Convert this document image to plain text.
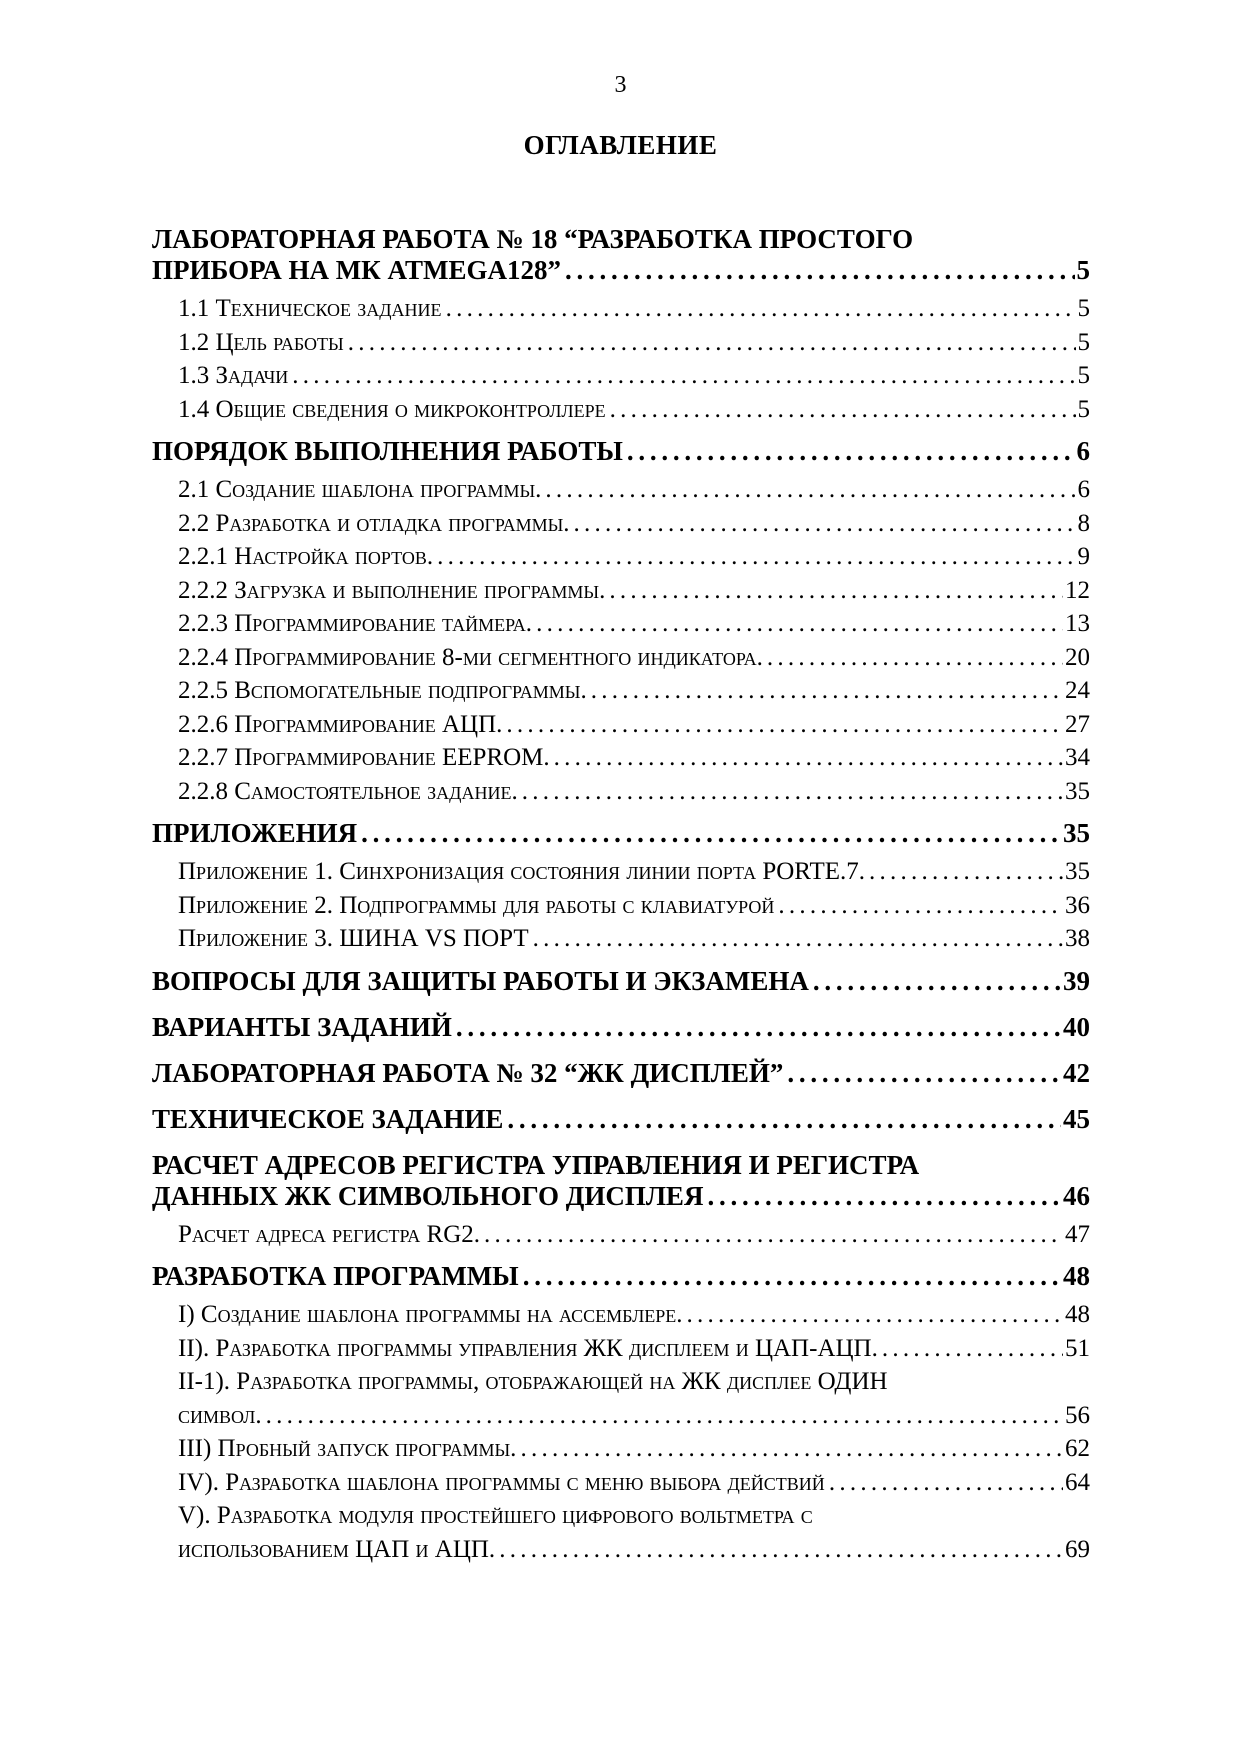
3
ОГЛАВЛЕНИЕ
ЛАБОРАТОРНАЯ РАБОТА № 18 “РАЗРАБОТКА ПРОСТОГО
ПРИБОРА НА МК ATMEGA128” . . .	5
1.1 Техническое задание . . .	5
1.2 Цель работы . . .	5
1.3 Задачи . . .	5
1.4 Общие сведения о микроконтроллере . . .	5
ПОРЯДОК ВЫПОЛНЕНИЯ РАБОТЫ . . .	6
2.1 Создание шаблона программы. . . .	6
2.2 Разработка и отладка программы. . . .	8
2.2.1 Настройка портов. . . .	9
2.2.2 Загрузка и выполнение программы. . . .	12
2.2.3 Программирование таймера. . . .	13
2.2.4 Программирование 8-ми сегментного индикатора. . . .	20
2.2.5 Вспомогательные подпрограммы. . . .	24
2.2.6 Программирование АЦП. . . .	27
2.2.7 Программирование EEPROM. . . .	34
2.2.8 Самостоятельное задание. . . .	35
ПРИЛОЖЕНИЯ . . .	35
Приложение 1. Синхронизация состояния линии порта PORTE.7. . . .	35
Приложение 2. Подпрограммы для работы с клавиатурой . . .	36
Приложение 3. ШИНА VS ПОРТ . . .	38
ВОПРОСЫ ДЛЯ ЗАЩИТЫ РАБОТЫ И ЭКЗАМЕНА . . .	39
ВАРИАНТЫ ЗАДАНИЙ . . .	40
ЛАБОРАТОРНАЯ РАБОТА № 32 “ЖК ДИСПЛЕЙ” . . .	42
ТЕХНИЧЕСКОЕ ЗАДАНИЕ . . .	45
РАСЧЕТ АДРЕСОВ РЕГИСТРА УПРАВЛЕНИЯ И РЕГИСТРА
ДАННЫХ ЖК СИМВОЛЬНОГО ДИСПЛЕЯ . . .	46
Расчет адреса регистра RG2. . . .	47
РАЗРАБОТКА ПРОГРАММЫ . . .	48
I) Создание шаблона программы на ассемблере. . . .	48
II). Разработка программы управления ЖК дисплеем и ЦАП-АЦП. . . .	51
II-1). Разработка программы, отображающей на ЖК дисплее ОДИН
символ. . . .	56
III) Пробный запуск программы. . . .	62
IV). Разработка шаблона программы с меню выбора действий . . .	64
V). Разработка модуля простейшего цифрового вольтметра с
использованием ЦАП и АЦП. . . .	69
